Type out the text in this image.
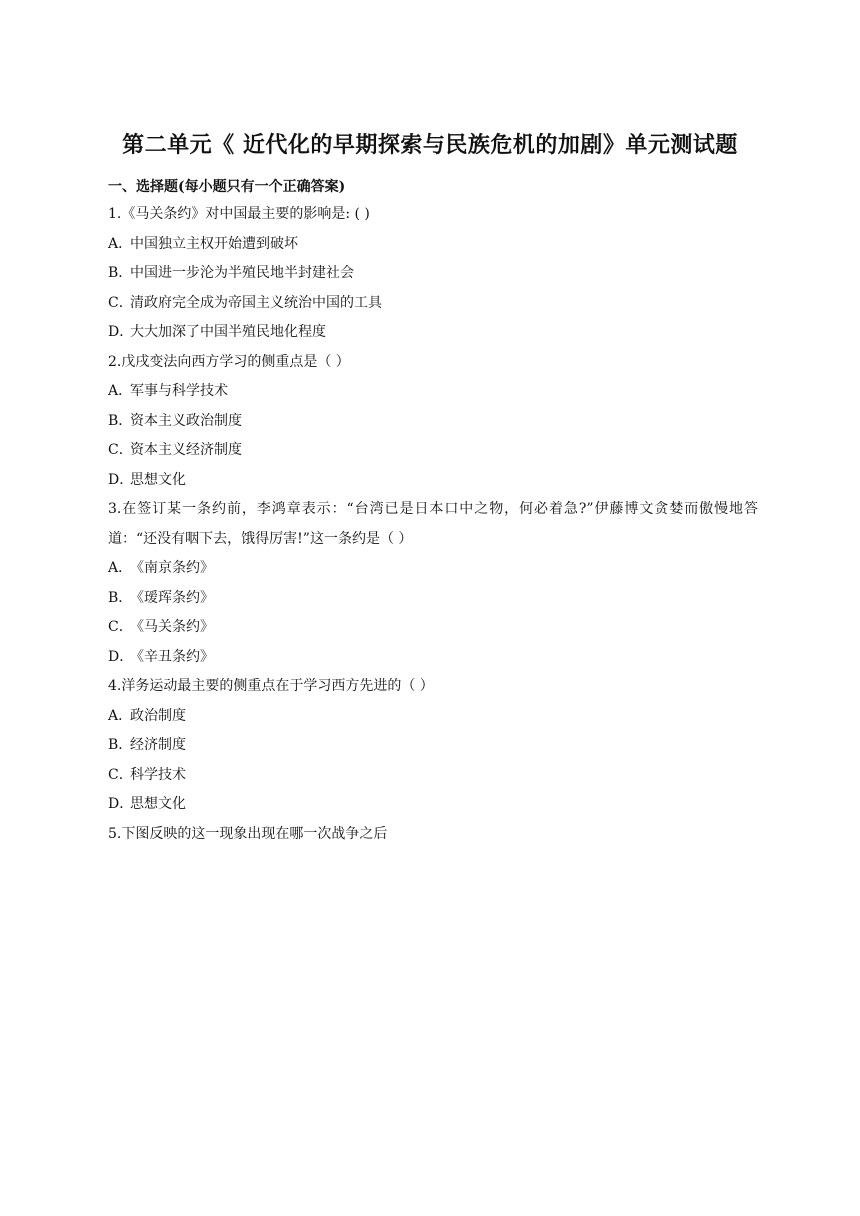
第二单元《 近代化的早期探索与民族危机的加剧》单元测试题
一、选择题(每小题只有一个正确答案)
1.《马关条约》对中国最主要的影响是: ( )
A．中国独立主权开始遭到破坏
B．中国进一步沦为半殖民地半封建社会
C．清政府完全成为帝国主义统治中国的工具
D．大大加深了中国半殖民地化程度
2.戊戌变法向西方学习的侧重点是（ ）
A．军事与科学技术
B．资本主义政治制度
C．资本主义经济制度
D．思想文化
3.在签订某一条约前，李鸿章表示：“台湾已是日本口中之物，何必着急?”伊藤博文贪婪而傲慢地答道：“还没有咽下去，饿得厉害!”这一条约是（ ）
A．《南京条约》
B．《瑷珲条约》
C．《马关条约》
D．《辛丑条约》
4.洋务运动最主要的侧重点在于学习西方先进的（ ）
A．政治制度
B．经济制度
C．科学技术
D．思想文化
5.下图反映的这一现象出现在哪一次战争之后
